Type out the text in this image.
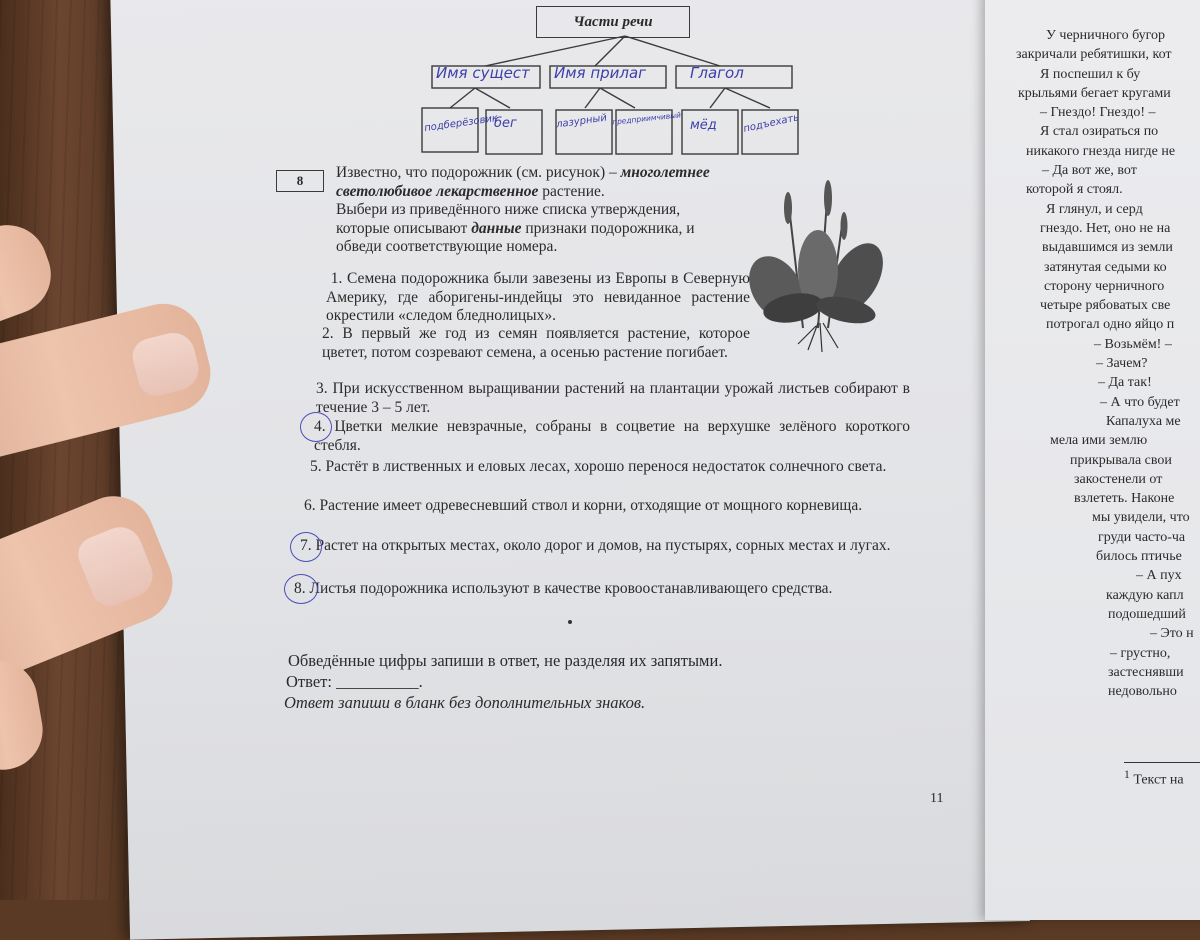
Части речи
Имя сущест Имя прилаг	Глагол
подберёзовик
бег	лазурный предприимчивый мёд	подъехать
8	Известно, что подорожник (см. рисунок) – многолетнее светолюбивое лекарственное растение.
Выбери из приведённого ниже списка утверждения,
которые описывают данные признаки подорожника, и
обведи соответствующие номера.
1. Семена подорожника были завезены из Европы в Северную Америку, где аборигены-индейцы это невиданное растение окрестили «следом бледнолицых».
2. В первый же год из семян появляется растение, которое цветет, потом созревают семена, а осенью растение погибает.
3. При искусственном выращивании растений на плантации урожай листьев собирают в течение 3 – 5 лет.
4. Цветки мелкие невзрачные, собраны в соцветие на верхушке зелёного короткого стебля.
5. Растёт в лиственных и еловых лесах, хорошо перенося недостаток солнечного света.
6. Растение имеет одревесневший ствол и корни, отходящие от мощного корневища.
7. Растет на открытых местах, около дорог и домов, на пустырях, сорных местах и лугах.
8. Листья подорожника используют в качестве кровоостанавливающего средства.
Обведённые цифры запиши в ответ, не разделяя их запятыми.
Ответ: __________.
Ответ запиши в бланк без дополнительных знаков.
11
У черничного бугор
закричали ребятишки, кот
Я поспешил к бу
крыльями бегает кругами
– Гнездо! Гнездо! –
Я стал озираться по
никакого гнезда нигде не
– Да вот же, вот
которой я стоял.
Я глянул, и серд
гнездо. Нет, оно не на
выдавшимся из земли
затянутая седыми ко
сторону черничного
четыре рябоватых све
потрогал одно яйцо п
– Возьмём! –
– Зачем?
– Да так!
– А что будет
Капалуха ме
мела ими землю
прикрывала свои
закостенели от
взлететь. Наконе
мы увидели, что
груди часто-ча
билось птичье
– А пух
каждую капл
подошедший
– Это н
– грустно,
застеснявши
недовольно
$^1$ Текст на
